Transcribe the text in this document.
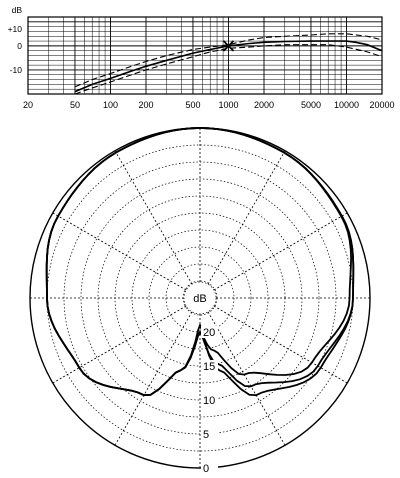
20	50	100 200	500 1000 2000	5000 10000 20000
dB
+10
0
-10
dB
20
15
10
5
0
